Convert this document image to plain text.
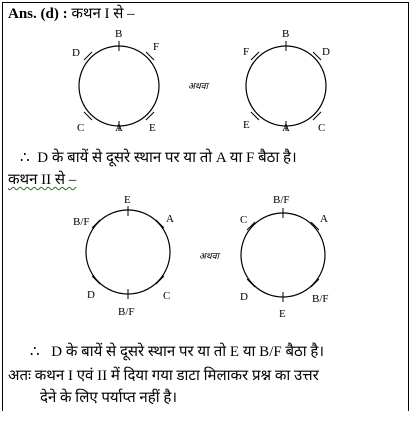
Ans. (d) : कथन I से –
B
F
E
A
C
D
अथवा
B
D
C
A
E
F
E
A
C
B/F
D
B/F
अथवा
B/F
A
B/F
E
D
C
∴ D के बायें से दूसरे स्थान पर या तो A या F बैठा है।
कथन II से –
∴ D के बायें से दूसरे स्थान पर या तो E या B/F बैठा है।
अतः कथन I एवं II में दिया गया डाटा मिलाकर प्रश्न का उत्तर
देने के लिए पर्याप्त नहीं है।
